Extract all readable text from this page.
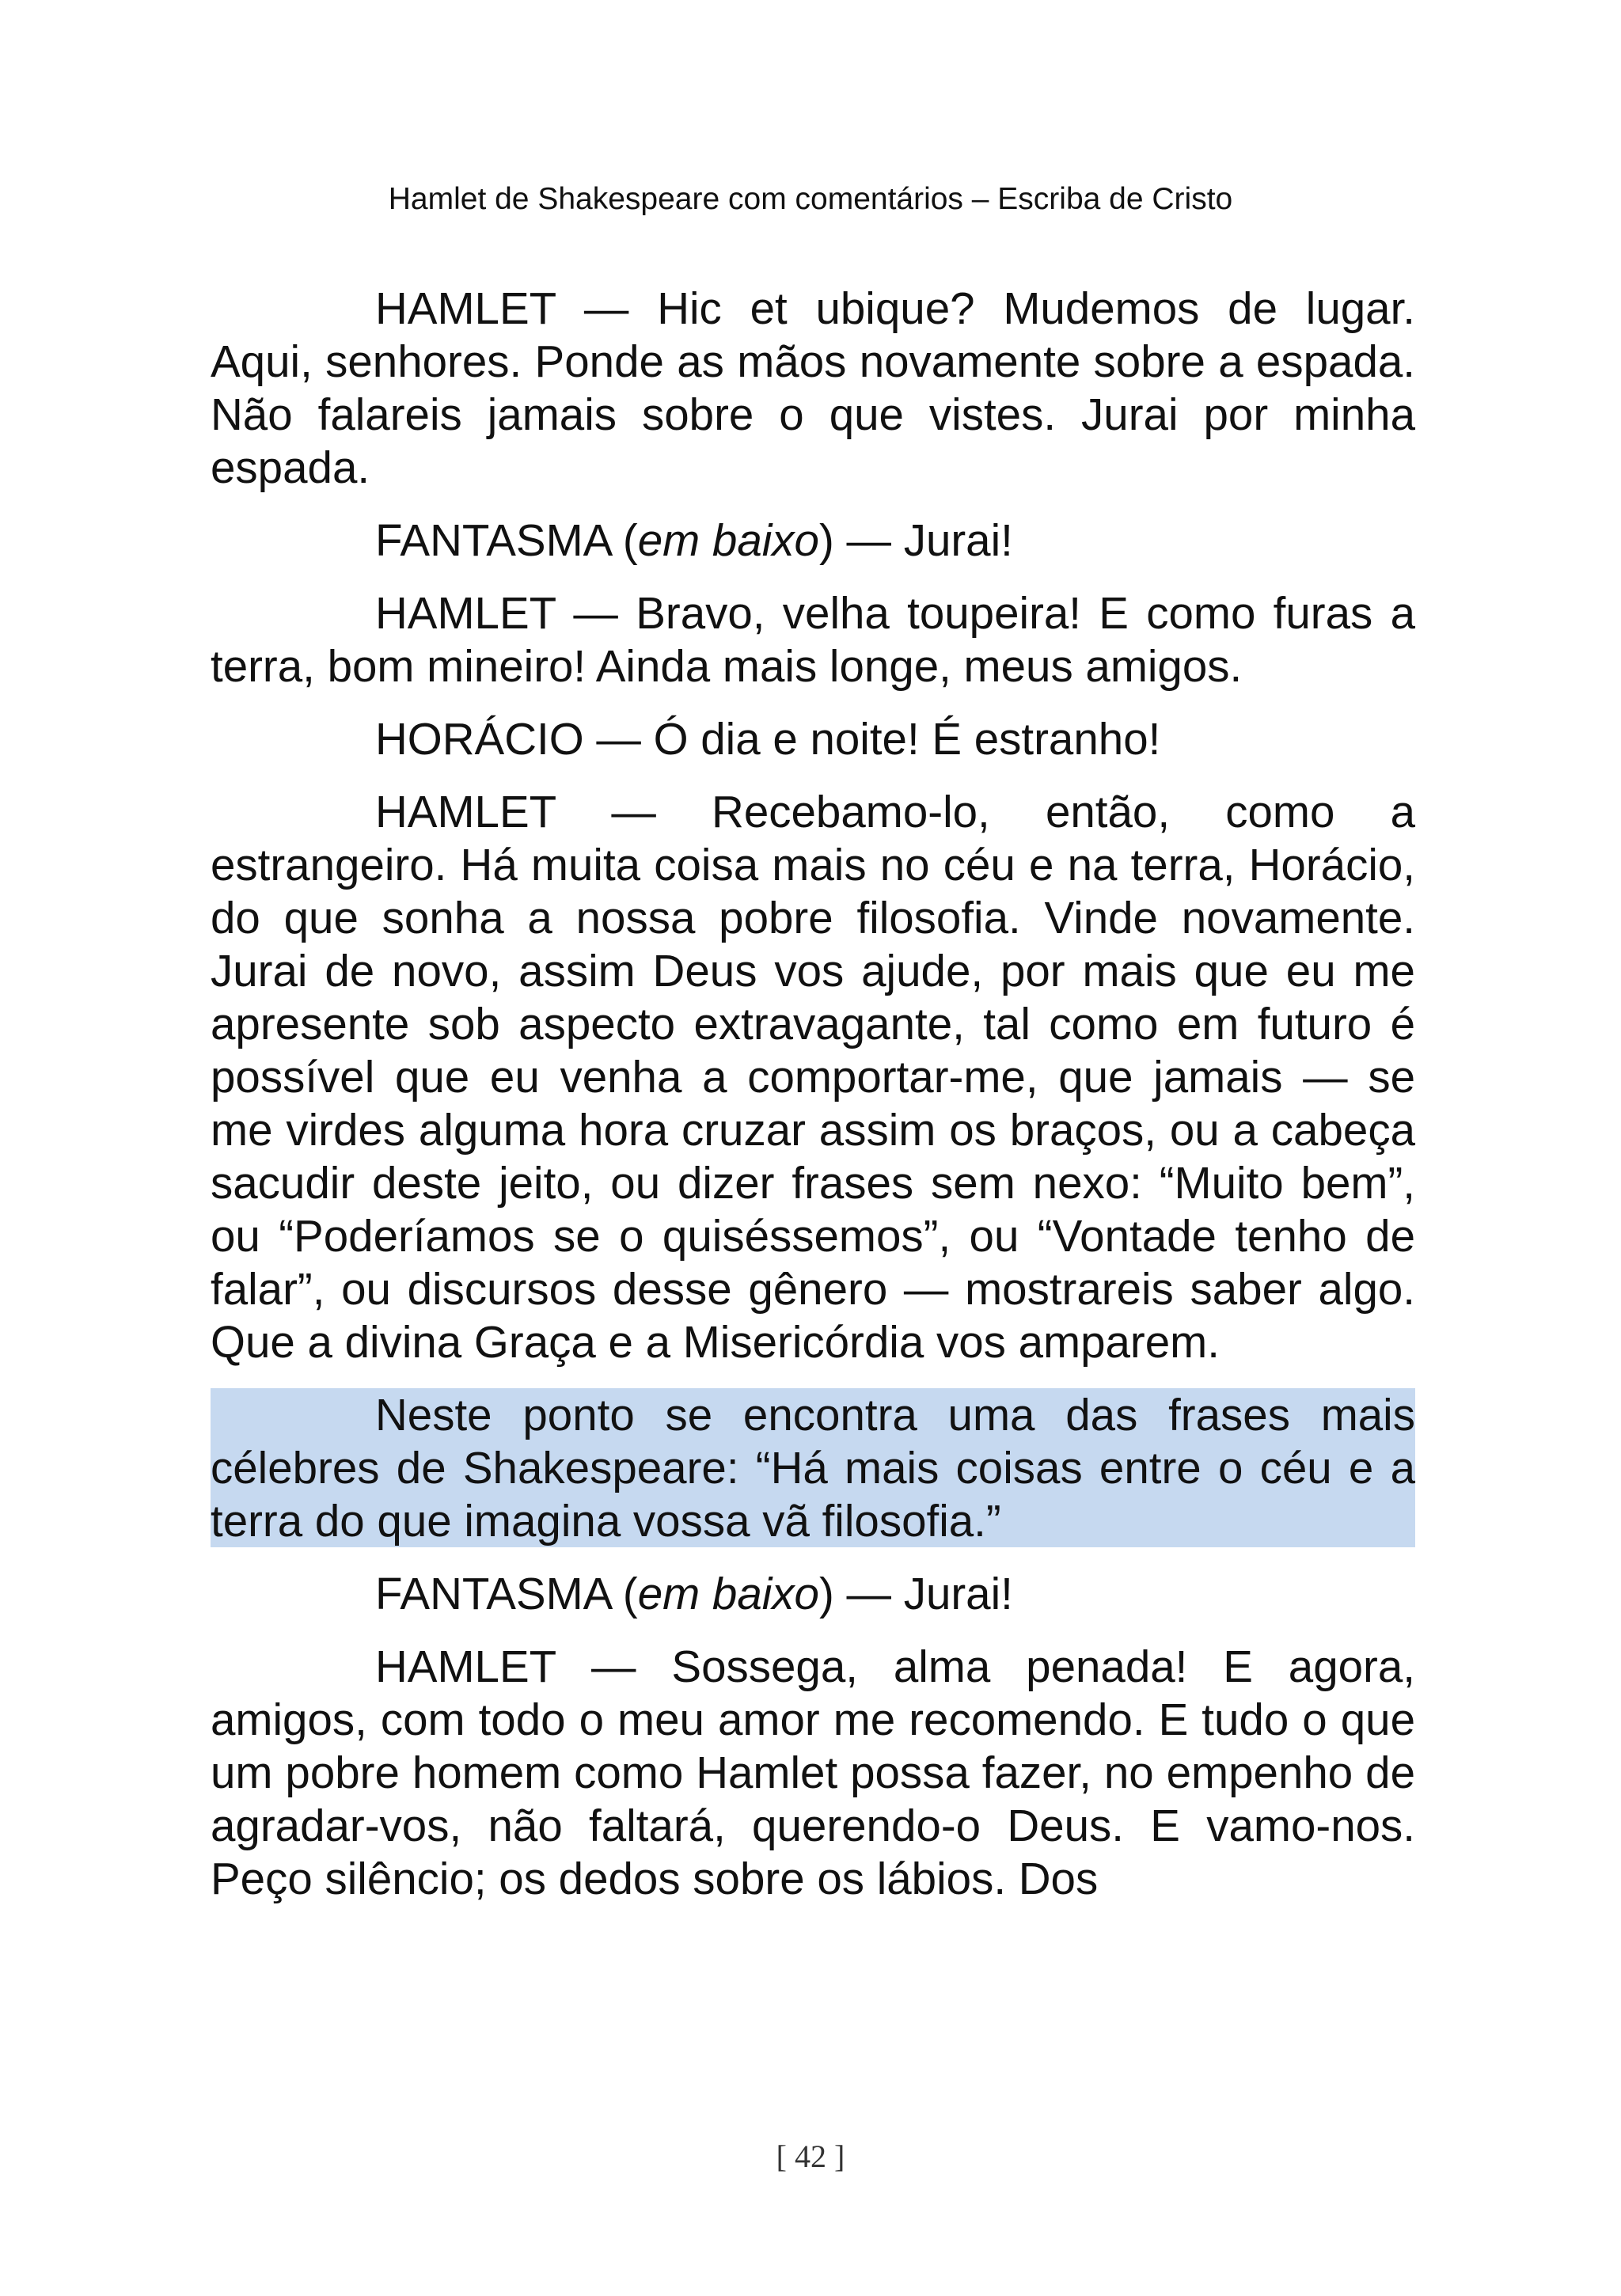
Hamlet de Shakespeare com comentários – Escriba de Cristo

HAMLET — Hic et ubique? Mudemos de lugar. Aqui, senhores. Ponde as mãos novamente sobre a espada. Não falareis jamais sobre o que vistes. Jurai por minha espada.

FANTASMA (em baixo) — Jurai!

HAMLET — Bravo, velha toupeira! E como furas a terra, bom mineiro! Ainda mais longe, meus amigos.

HORÁCIO — Ó dia e noite! É estranho!

HAMLET — Recebamo-lo, então, como a estrangeiro. Há muita coisa mais no céu e na terra, Horácio, do que sonha a nossa pobre filosofia. Vinde novamente. Jurai de novo, assim Deus vos ajude, por mais que eu me apresente sob aspecto extravagante, tal como em futuro é possível que eu venha a comportar-me, que jamais — se me virdes alguma hora cruzar assim os braços, ou a cabeça sacudir deste jeito, ou dizer frases sem nexo: “Muito bem”, ou “Poderíamos se o quiséssemos”, ou “Vontade tenho de falar”, ou discursos desse gênero — mostrareis saber algo. Que a divina Graça e a Misericórdia vos amparem.

Neste ponto se encontra uma das frases mais célebres de Shakespeare: “Há mais coisas entre o céu e a terra do que imagina vossa vã filosofia.”

FANTASMA (em baixo) — Jurai!

HAMLET — Sossega, alma penada! E agora, amigos, com todo o meu amor me recomendo. E tudo o que um pobre homem como Hamlet possa fazer, no empenho de agradar-vos, não faltará, querendo-o Deus. E vamo-nos. Peço silêncio; os dedos sobre os lábios. Dos

[ 42 ]
